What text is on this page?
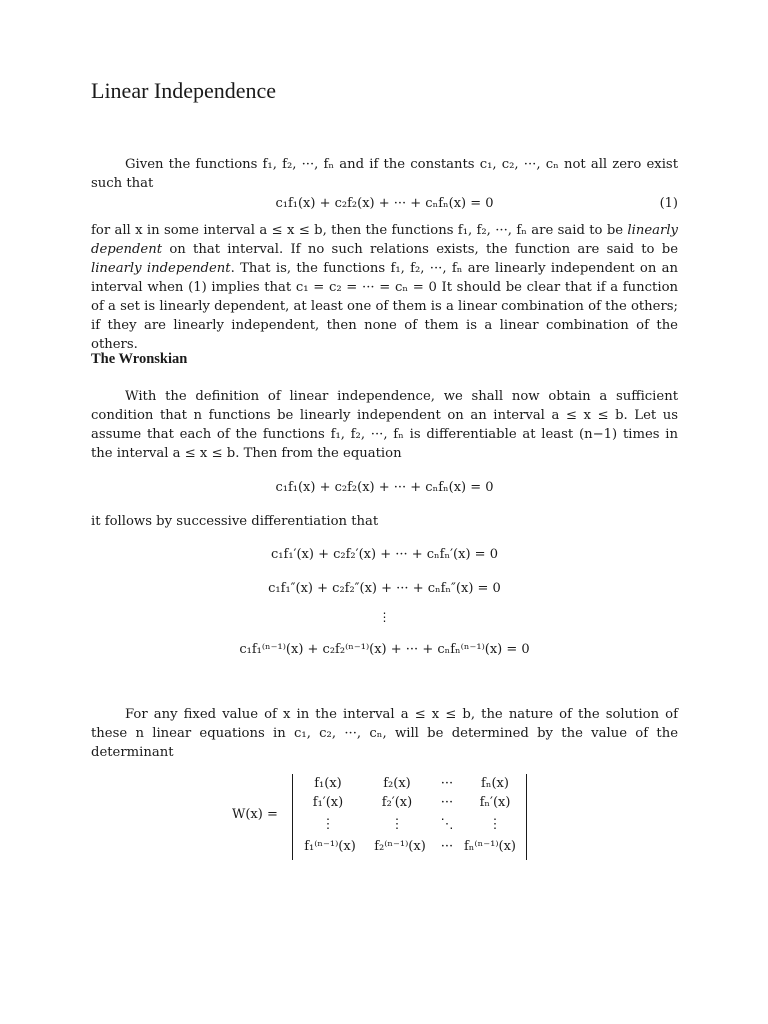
Linear Independence

Given the functions f₁, f₂, ···, fₙ and if the constants c₁, c₂, ···, cₙ not all zero exist such that

c₁f₁(x) + c₂f₂(x) + ··· + cₙfₙ(x) = 0	(1)

for all x in some interval a ≤ x ≤ b, then the functions f₁, f₂, ···, fₙ are said to be linearly dependent on that interval. If no such relations exists, the function are said to be linearly independent. That is, the functions f₁, f₂, ···, fₙ are linearly independent on an interval when (1) implies that c₁ = c₂ = ··· = cₙ = 0 It should be clear that if a function of a set is linearly dependent, at least one of them is a linear combination of the others; if they are linearly independent, then none of them is a linear combination of the others.

The Wronskian

With the definition of linear independence, we shall now obtain a sufficient condition that n functions be linearly independent on an interval a ≤ x ≤ b. Let us assume that each of the functions f₁, f₂, ···, fₙ is differentiable at least (n−1) times in the interval a ≤ x ≤ b. Then from the equation

c₁f₁(x) + c₂f₂(x) + ··· + cₙfₙ(x) = 0

it follows by successive differentiation that

c₁f₁′(x) + c₂f₂′(x) + ··· + cₙfₙ′(x) = 0
c₁f₁″(x) + c₂f₂″(x) + ··· + cₙfₙ″(x) = 0
⋮
c₁f₁⁽ⁿ⁻¹⁾(x) + c₂f₂⁽ⁿ⁻¹⁾(x) + ··· + cₙfₙ⁽ⁿ⁻¹⁾(x) = 0

For any fixed value of x in the interval a ≤ x ≤ b, the nature of the solution of these n linear equations in c₁, c₂, ···, cₙ, will be determined by the value of the determinant

W(x) =
f₁(x)	f₂(x)	···	fₙ(x)
f₁′(x)	f₂′(x)	···	fₙ′(x)
⋮	⋮	⋱	⋮
f₁⁽ⁿ⁻¹⁾(x)	f₂⁽ⁿ⁻¹⁾(x)	··· fₙ⁽ⁿ⁻¹⁾(x)
